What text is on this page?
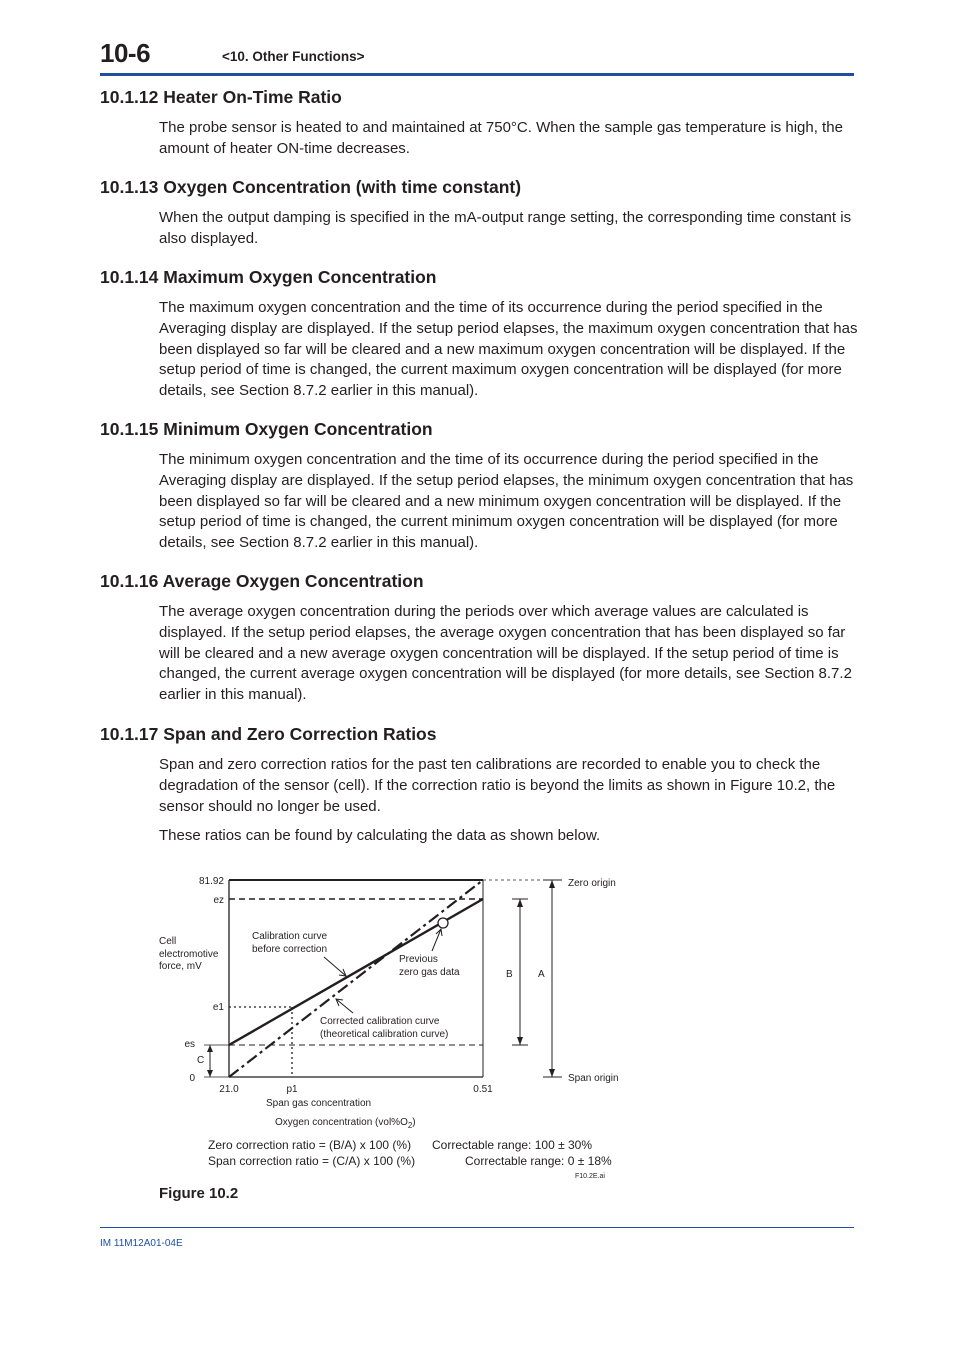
10-6	<10. Other Functions>
10.1.12 Heater On-Time Ratio

The probe sensor is heated to and maintained at 750°C. When the sample gas temperature is high, the amount of heater ON-time decreases.

10.1.13 Oxygen Concentration (with time constant)

When the output damping is specified in the mA-output range setting, the corresponding time constant is also displayed.

10.1.14 Maximum Oxygen Concentration

The maximum oxygen concentration and the time of its occurrence during the period specified in the Averaging display are displayed. If the setup period elapses, the maximum oxygen concentration that has been displayed so far will be cleared and a new maximum oxygen concentration will be displayed. If the setup period of time is changed, the current maximum oxygen concentration will be displayed (for more details, see Section 8.7.2 earlier in this manual).

10.1.15 Minimum Oxygen Concentration

The minimum oxygen concentration and the time of its occurrence during the period specified in the Averaging display are displayed. If the setup period elapses, the minimum oxygen concentration that has been displayed so far will be cleared and a new minimum oxygen concentration will be displayed. If the setup period of time is changed, the current minimum oxygen concentration will be displayed (for more details, see Section 8.7.2 earlier in this manual).

10.1.16 Average Oxygen Concentration

The average oxygen concentration during the periods over which average values are calculated is displayed. If the setup period elapses, the average oxygen concentration that has been displayed so far will be cleared and a new average oxygen concentration will be displayed. If the setup period of time is changed, the current average oxygen concentration will be displayed (for more details, see Section 8.7.2 earlier in this manual).

10.1.17 Span and Zero Correction Ratios

Span and zero correction ratios for the past ten calibrations are recorded to enable you to check the degradation of the sensor (cell). If the correction ratio is beyond the limits as shown in Figure 10.2, the sensor should no longer be used.

These ratios can be found by calculating the data as shown below.

81.92
ez
e1
es
0
C
Cell
electromotive
force, mV
21.0	p1	0.51
Span gas concentration
Oxygen concentration $(vol\%O_2)$
Calibration curve
before correction
Previous
zero gas data
Corrected calibration curve
(theoretical calibration curve)
B	A
Zero origin
Span origin
Zero correction ratio = (B/A) x 100 (%) Correctable range: 100 ± 30%
Span correction ratio = (C/A) x 100 (%)	Correctable range: 0 ± 18%
F10.2E.ai
Figure 10.2
IM 11M12A01-04E
